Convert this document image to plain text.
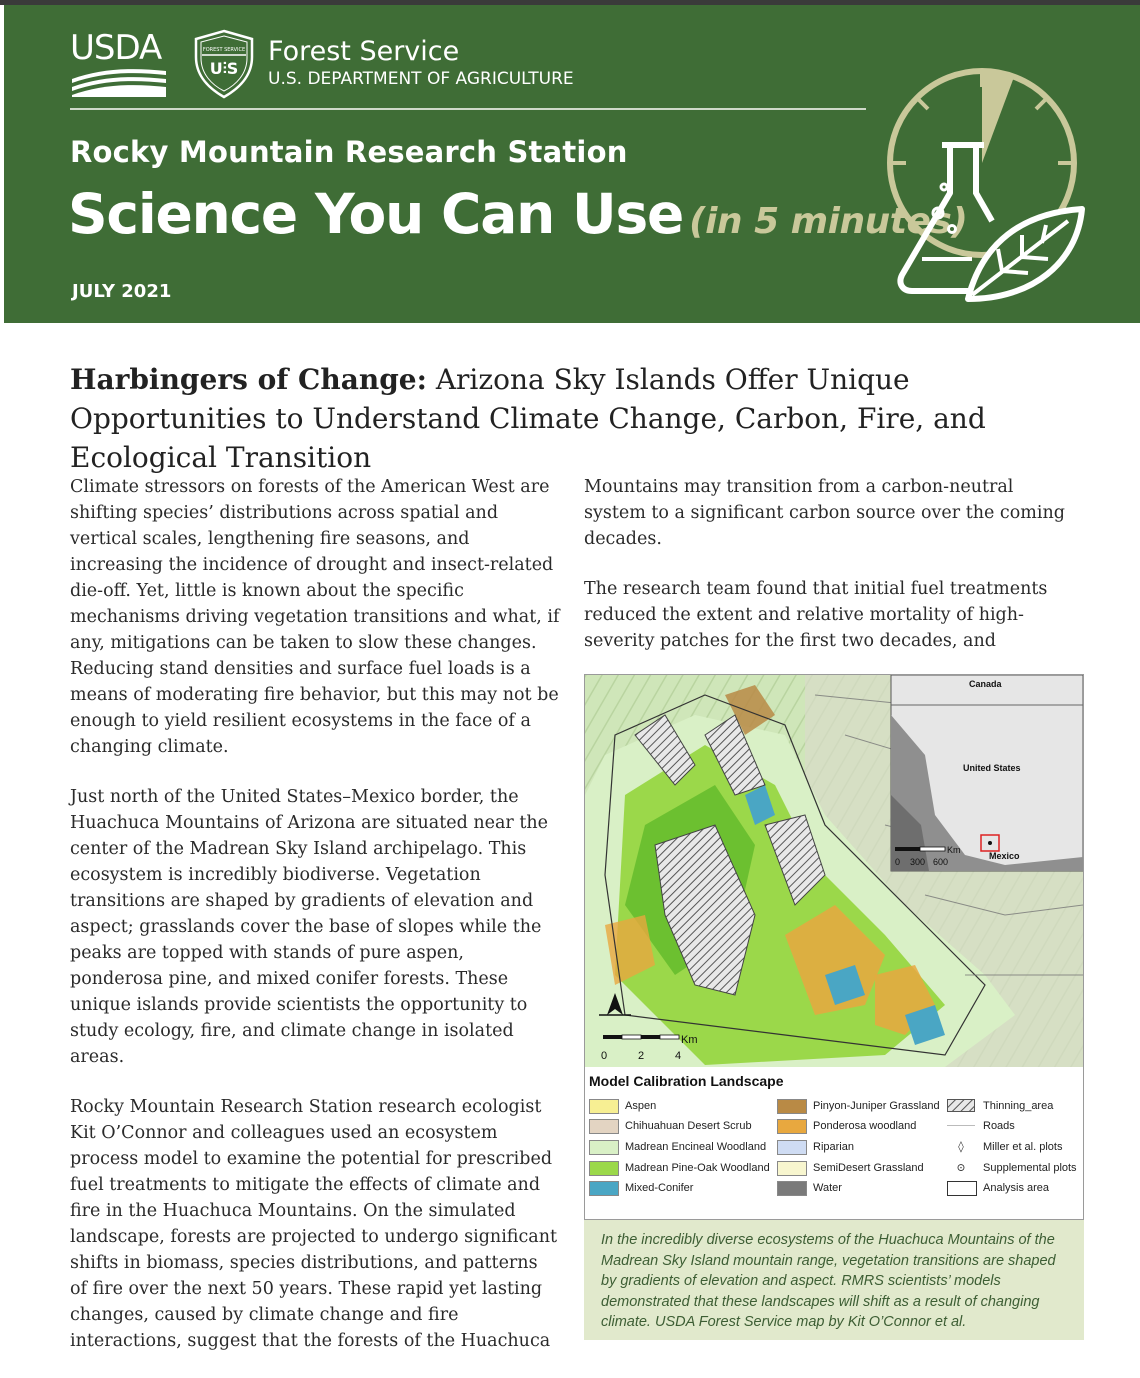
USDA	FOREST SERVICE
U⫶S
Forest Service
U.S. DEPARTMENT OF AGRICULTURE
Rocky Mountain Research Station
Science You Can Use (in 5 minutes)
JULY 2021
Harbingers of Change: Arizona Sky Islands Offer Unique Opportunities to Understand Climate Change, Carbon, Fire, and Ecological Transition

Climate stressors on forests of the American West are shifting species’ distributions across spatial and vertical scales, lengthening fire seasons, and increasing the incidence of drought and insect-related die-off. Yet, little is known about the specific mechanisms driving vegetation transitions and what, if any, mitigations can be taken to slow these changes. Reducing stand densities and surface fuel loads is a means of moderating fire behavior, but this may not be enough to yield resilient ecosystems in the face of a changing climate.

Just north of the United States–Mexico border, the Huachuca Mountains of Arizona are situated near the center of the Madrean Sky Island archipelago. This ecosystem is incredibly biodiverse. Vegetation transitions are shaped by gradients of elevation and aspect; grasslands cover the base of slopes while the peaks are topped with stands of pure aspen, ponderosa pine, and mixed conifer forests. These unique islands provide scientists the opportunity to study ecology, fire, and climate change in isolated areas.

Rocky Mountain Research Station research ecologist Kit O’Connor and colleagues used an ecosystem process model to examine the potential for prescribed fuel treatments to mitigate the effects of climate and fire in the Huachuca Mountains. On the simulated landscape, forests are projected to undergo significant shifts in biomass, species distributions, and patterns of fire over the next 50 years. These rapid yet lasting changes, caused by climate change and fire interactions, suggest that the forests of the Huachuca

Mountains may transition from a carbon-neutral system to a significant carbon source over the coming decades.

The research team found that initial fuel treatments reduced the extent and relative mortality of high-severity patches for the first two decades, and

Canada
United States
Mexico
Km
0 300 600
Km
0	2	4
Model Calibration Landscape
Aspen
Chihuahuan Desert Scrub
Madrean Encineal Woodland
Madrean Pine-Oak Woodland
Mixed-Conifer
Pinyon-Juniper Grassland
Ponderosa woodland
Riparian
SemiDesert Grassland
Water
Thinning_area
Roads
◊	Miller et al. plots
⊙	Supplemental plots
Analysis area
In the incredibly diverse ecosystems of the Huachuca Mountains of the Madrean Sky Island mountain range, vegetation transitions are shaped by gradients of elevation and aspect. RMRS scientists’ models demonstrated that these landscapes will shift as a result of changing climate. USDA Forest Service map by Kit O’Connor et al.
